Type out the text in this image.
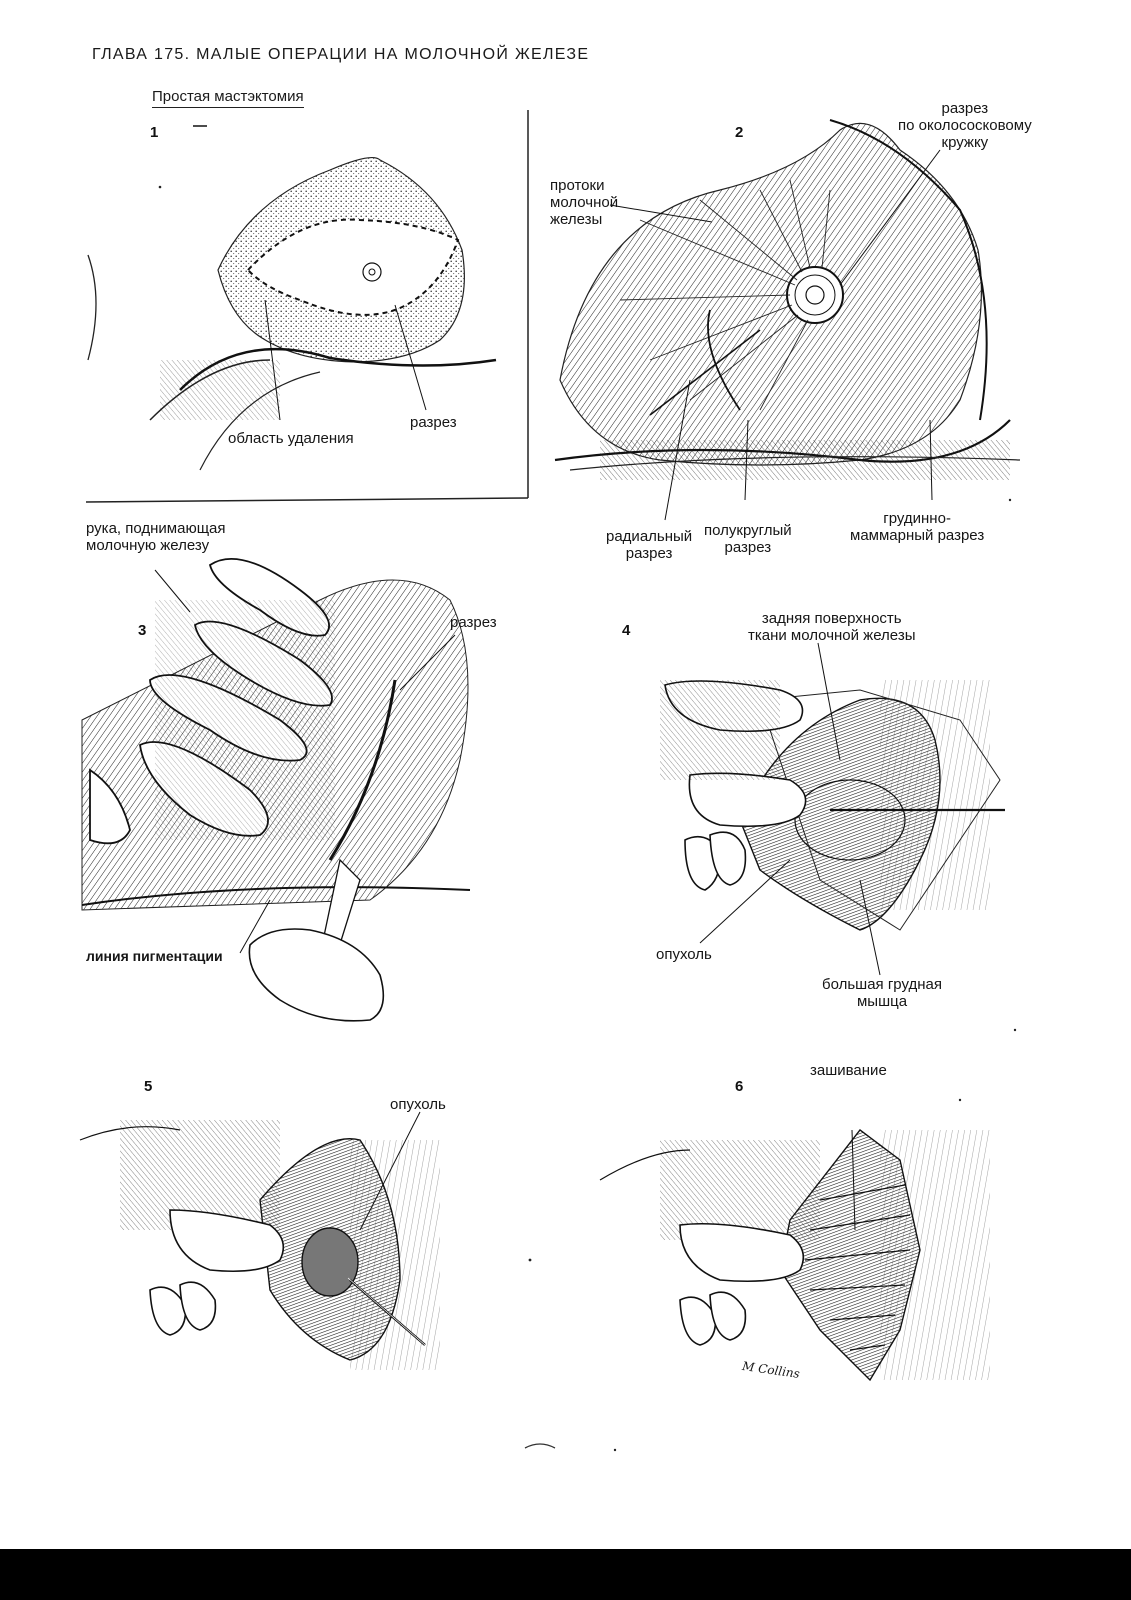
ГЛАВА 175. МАЛЫЕ ОПЕРАЦИИ НА МОЛОЧНОЙ ЖЕЛЕЗЕ
Простая мастэктомия
1	2
3	4
5	6
область удаления
разрез
разрез
по околососковому
кружку
протоки
молочной
железы
радиальный
разрез
полукруглый
разрез
грудинно-
маммарный разрез
рука, поднимающая
молочную железу
разрез
линия пигментации
задняя поверхность
ткани молочной железы
опухоль
большая грудная
мышца
опухоль
зашивание
M Collins
